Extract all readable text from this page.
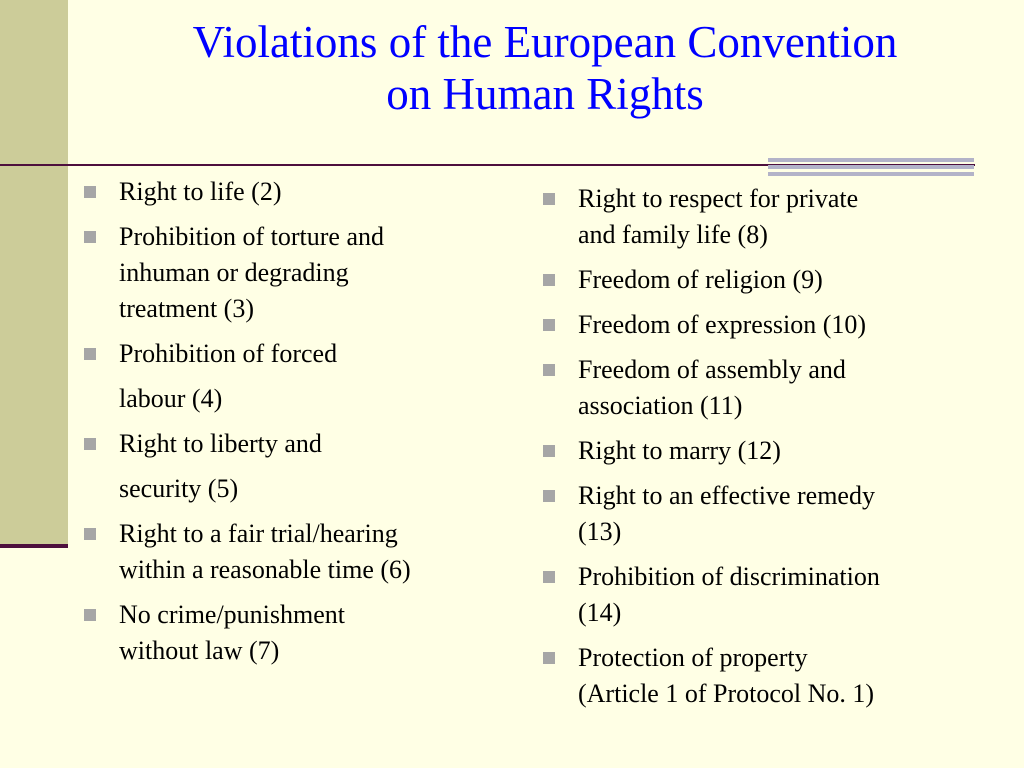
Violations of the European Convention
on Human Rights
Right to life (2)
Prohibition of torture and
inhuman or degrading
treatment (3)
Prohibition of forced
labour (4)
Right to liberty and
security (5)
Right to a fair trial/hearing
within a reasonable time (6)
No crime/punishment
without law (7)
Right to respect for private
and family life (8)
Freedom of religion (9)
Freedom of expression (10)
Freedom of assembly and
association (11)
Right to marry (12)
Right to an effective remedy
(13)
Prohibition of discrimination
(14)
Protection of property
(Article 1 of Protocol No. 1)
